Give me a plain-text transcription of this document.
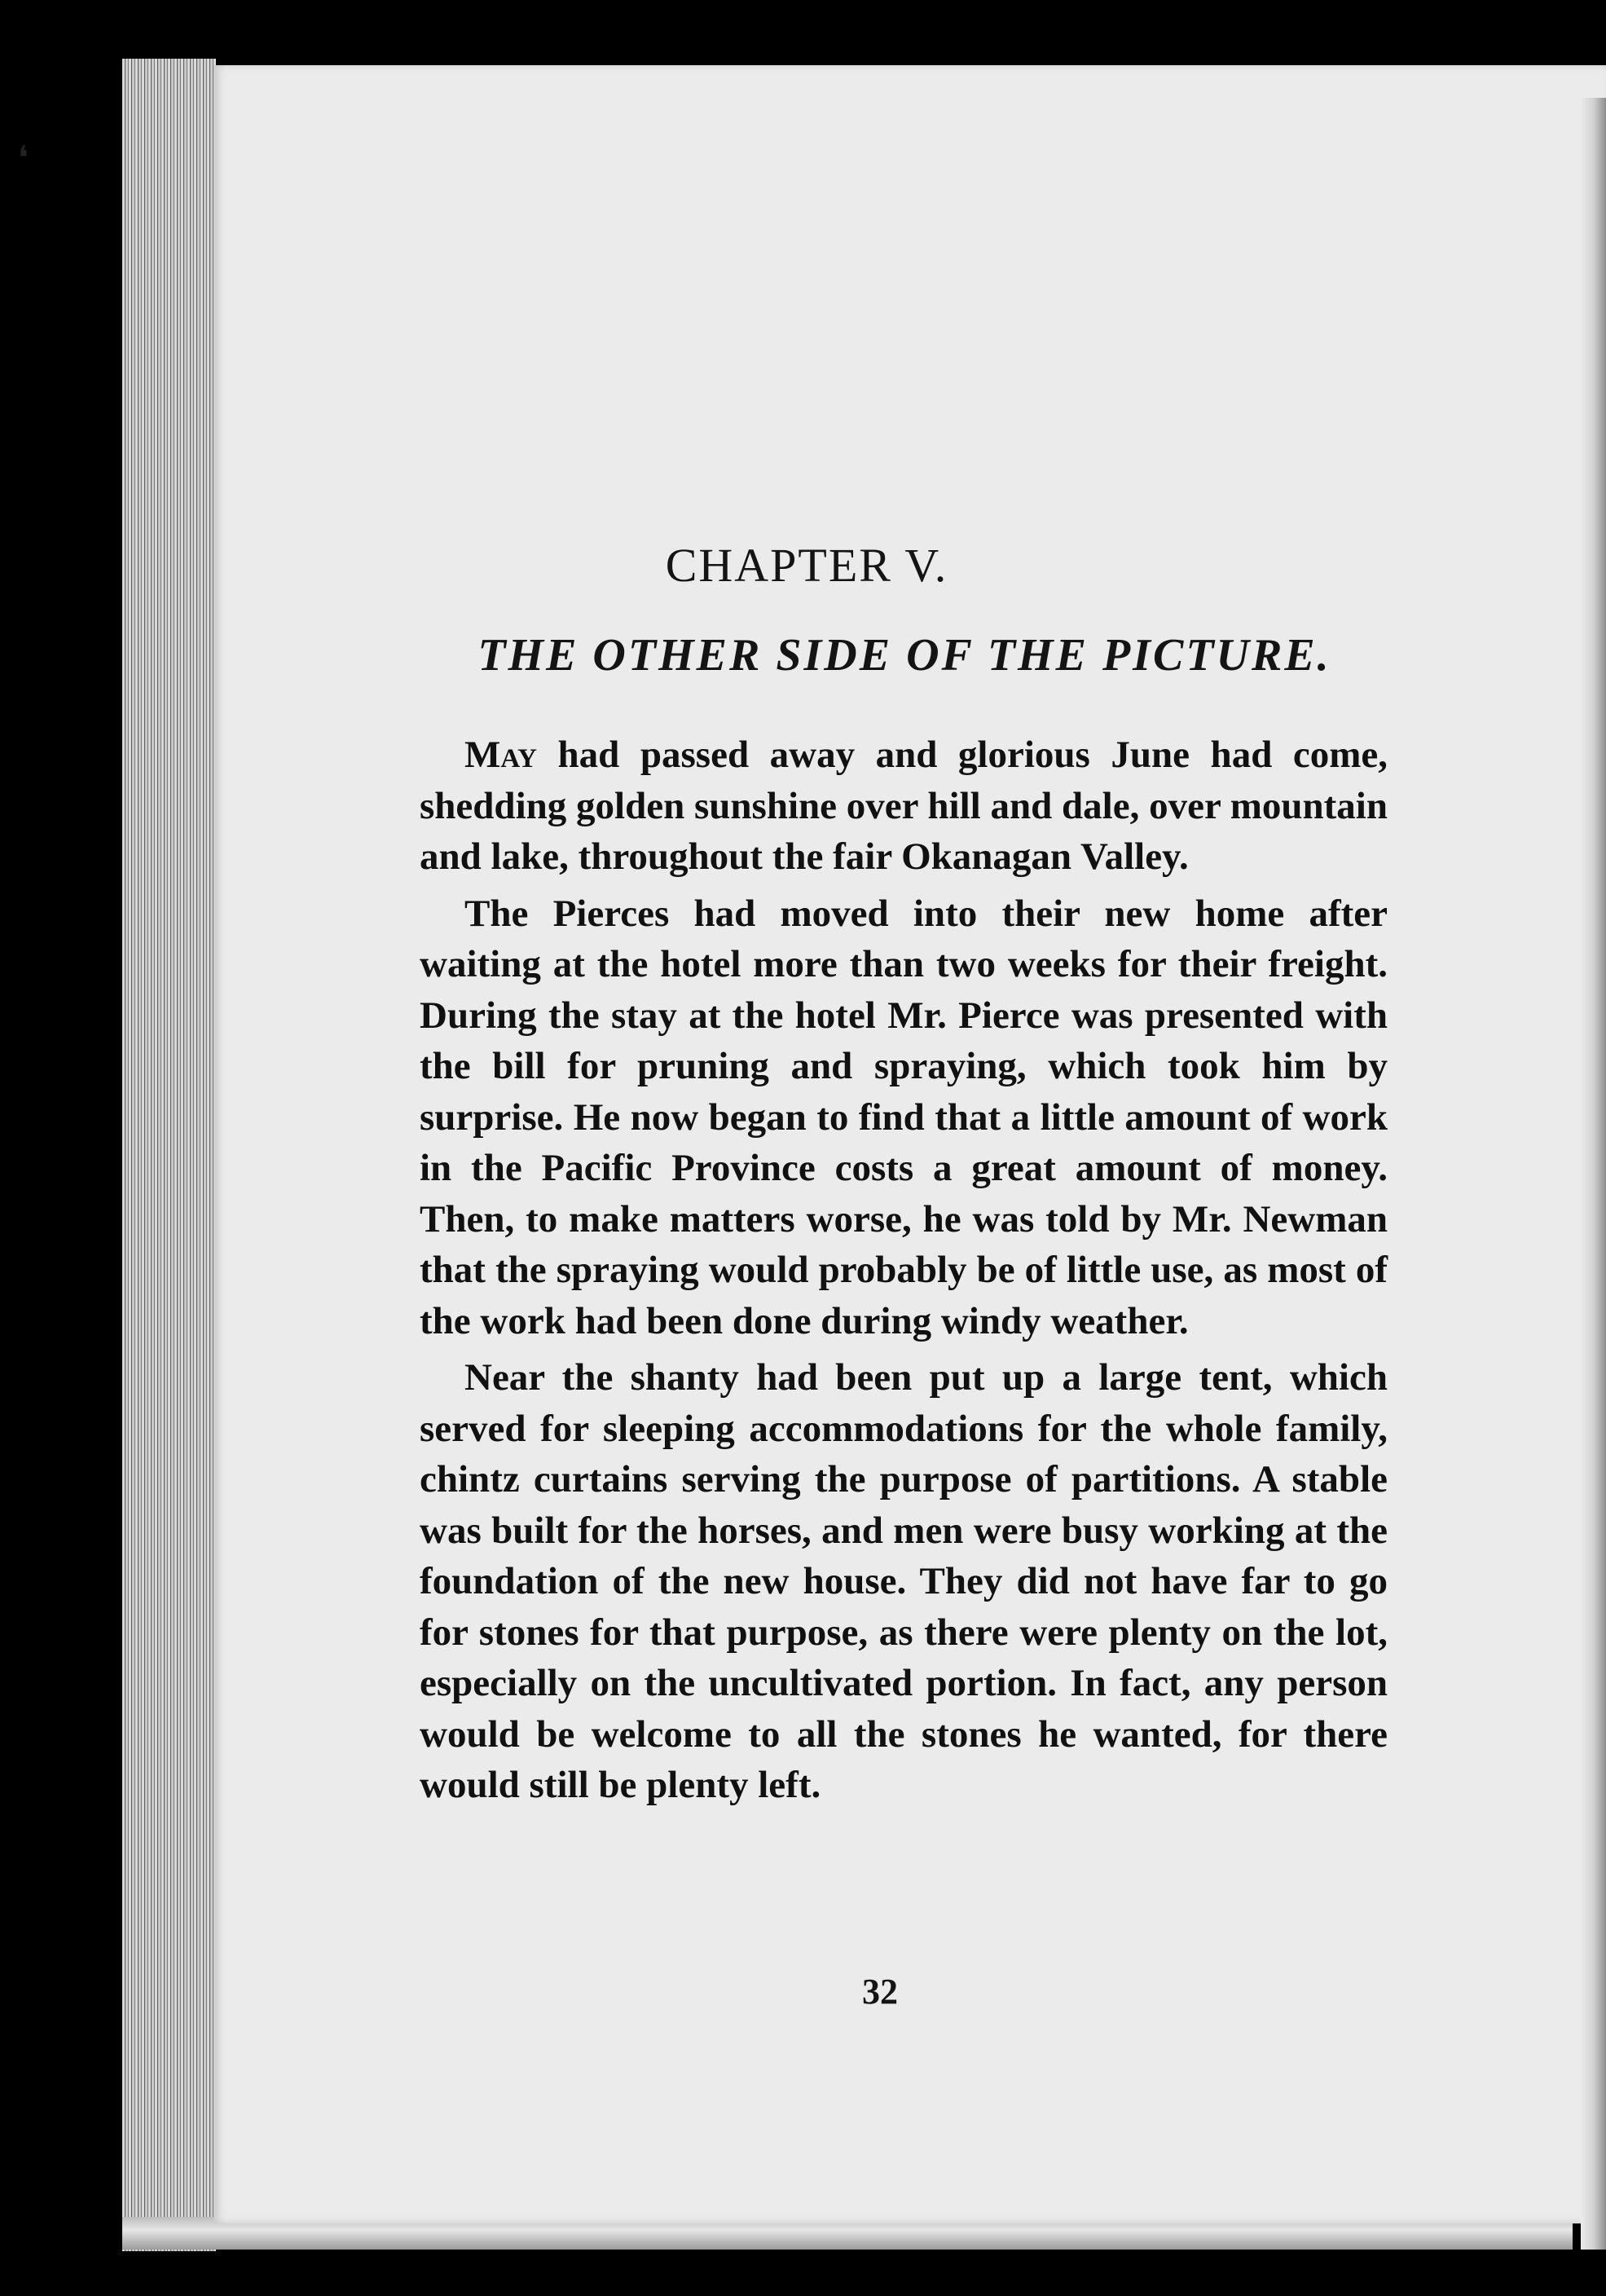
❛
CHAPTER V.
THE OTHER SIDE OF THE PICTURE.

May had passed away and glorious June had come, shedding golden sunshine over hill and dale, over mountain and lake, throughout the fair Okanagan Valley.

The Pierces had moved into their new home after waiting at the hotel more than two weeks for their freight. During the stay at the hotel Mr. Pierce was presented with the bill for pruning and spraying, which took him by surprise. He now began to find that a little amount of work in the Pacific Province costs a great amount of money. Then, to make matters worse, he was told by Mr. Newman that the spraying would probably be of little use, as most of the work had been done during windy weather.

Near the shanty had been put up a large tent, which served for sleeping accommodations for the whole family, chintz curtains serving the purpose of partitions. A stable was built for the horses, and men were busy working at the foundation of the new house. They did not have far to go for stones for that purpose, as there were plenty on the lot, especially on the uncultivated portion. In fact, any person would be welcome to all the stones he wanted, for there would still be plenty left.

32
